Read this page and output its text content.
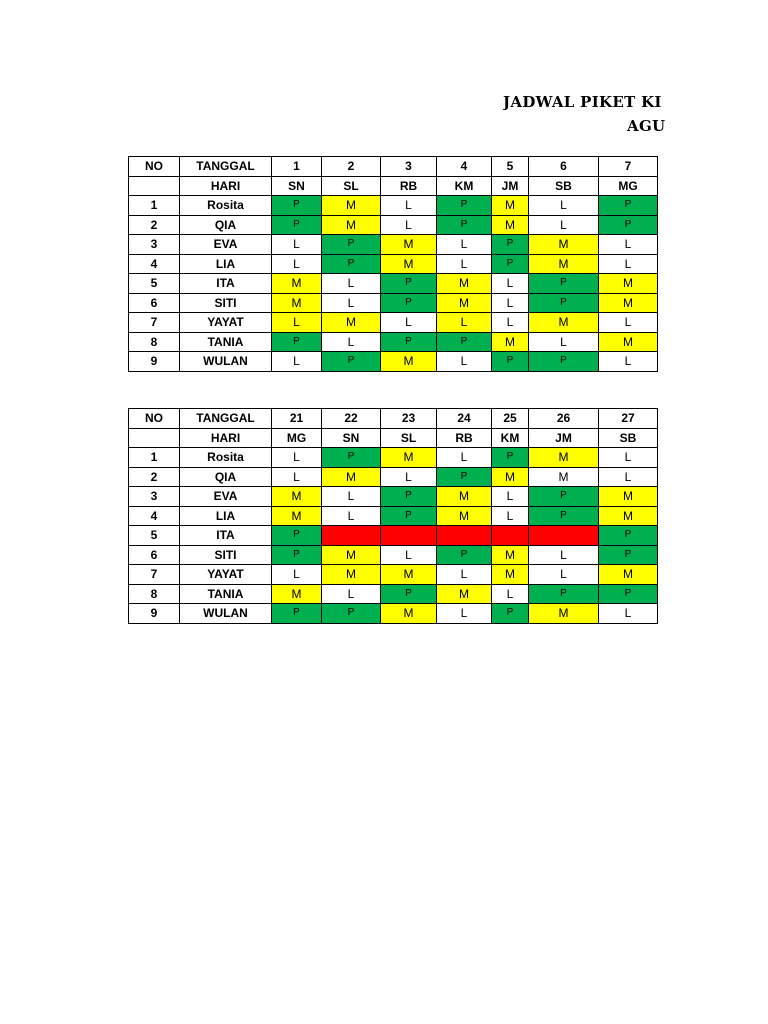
JADWAL PIKET KI
AGU
NO	TANGGAL	1	2	3	4	5	6	7
	HARI	SN	SL	RB	KM	JM	SB	MG
1	Rosita	P	M	L	P	M	L	P
2	QIA	P	M	L	P	M	L	P
3	EVA	L	P	M	L	P	M	L
4	LIA	L	P	M	L	P	M	L
5	ITA	M	L	P	M	L	P	M
6	SITI	M	L	P	M	L	P	M
7	YAYAT	L	M	L	L	L	M	L
8	TANIA	P	L	P	P	M	L	M
9	WULAN	L	P	M	L	P	P	L
NO	TANGGAL	21	22	23	24	25	26	27
	HARI	MG	SN	SL	RB	KM	JM	SB
1	Rosita	L	P	M	L	P	M	L
2	QIA	L	M	L	P	M	M	L
3	EVA	M	L	P	M	L	P	M
4	LIA	M	L	P	M	L	P	M
5	ITA	P						P
6	SITI	P	M	L	P	M	L	P
7	YAYAT	L	M	M	L	M	L	M
8	TANIA	M	L	P	M	L	P	P
9	WULAN	P	P	M	L	P	M	L
